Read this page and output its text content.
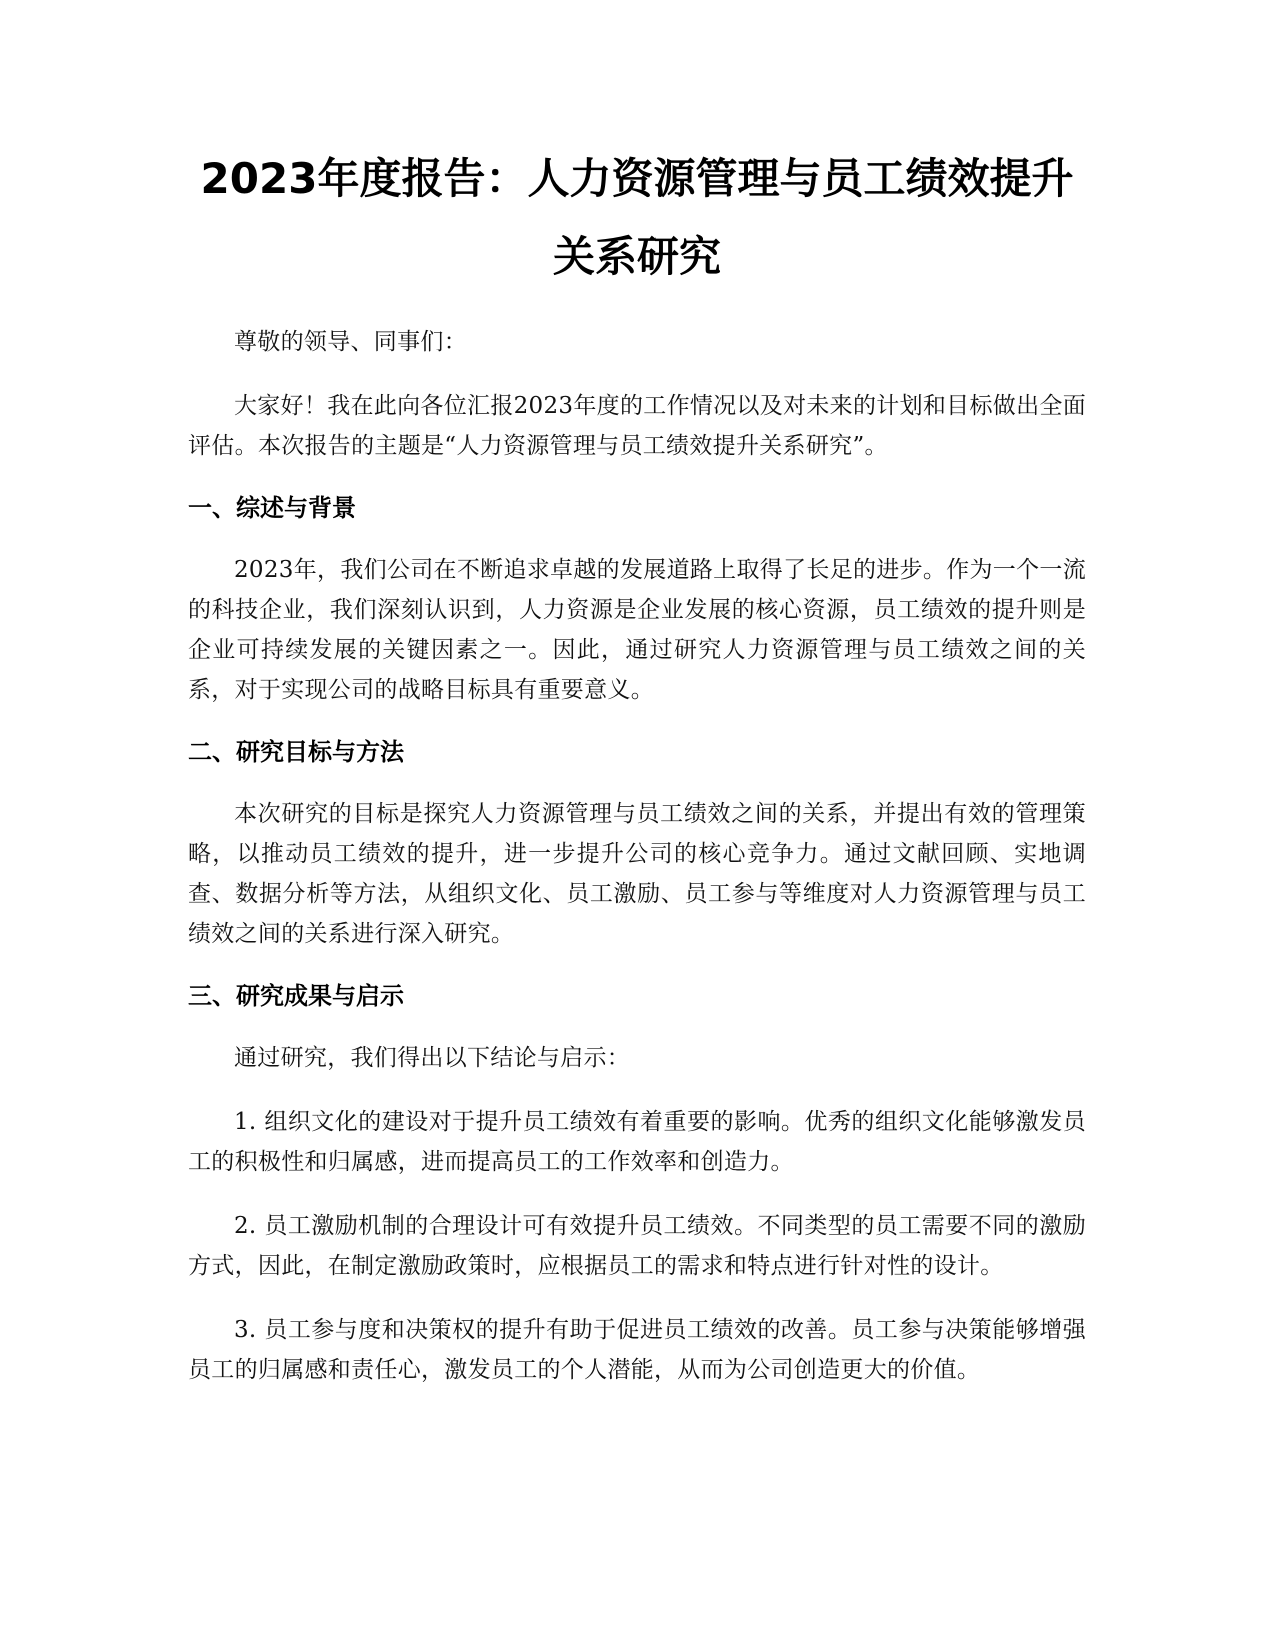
2023年度报告：人力资源管理与员工绩效提升关系研究

尊敬的领导、同事们：

大家好！我在此向各位汇报2023年度的工作情况以及对未来的计划和目标做出全面评估。本次报告的主题是“人力资源管理与员工绩效提升关系研究”。

一、综述与背景

2023年，我们公司在不断追求卓越的发展道路上取得了长足的进步。作为一个一流的科技企业，我们深刻认识到，人力资源是企业发展的核心资源，员工绩效的提升则是企业可持续发展的关键因素之一。因此，通过研究人力资源管理与员工绩效之间的关系，对于实现公司的战略目标具有重要意义。

二、研究目标与方法

本次研究的目标是探究人力资源管理与员工绩效之间的关系，并提出有效的管理策略，以推动员工绩效的提升，进一步提升公司的核心竞争力。通过文献回顾、实地调查、数据分析等方法，从组织文化、员工激励、员工参与等维度对人力资源管理与员工绩效之间的关系进行深入研究。

三、研究成果与启示

通过研究，我们得出以下结论与启示：

1. 组织文化的建设对于提升员工绩效有着重要的影响。优秀的组织文化能够激发员工的积极性和归属感，进而提高员工的工作效率和创造力。

2. 员工激励机制的合理设计可有效提升员工绩效。不同类型的员工需要不同的激励方式，因此，在制定激励政策时，应根据员工的需求和特点进行针对性的设计。

3. 员工参与度和决策权的提升有助于促进员工绩效的改善。员工参与决策能够增强员工的归属感和责任心，激发员工的个人潜能，从而为公司创造更大的价值。
